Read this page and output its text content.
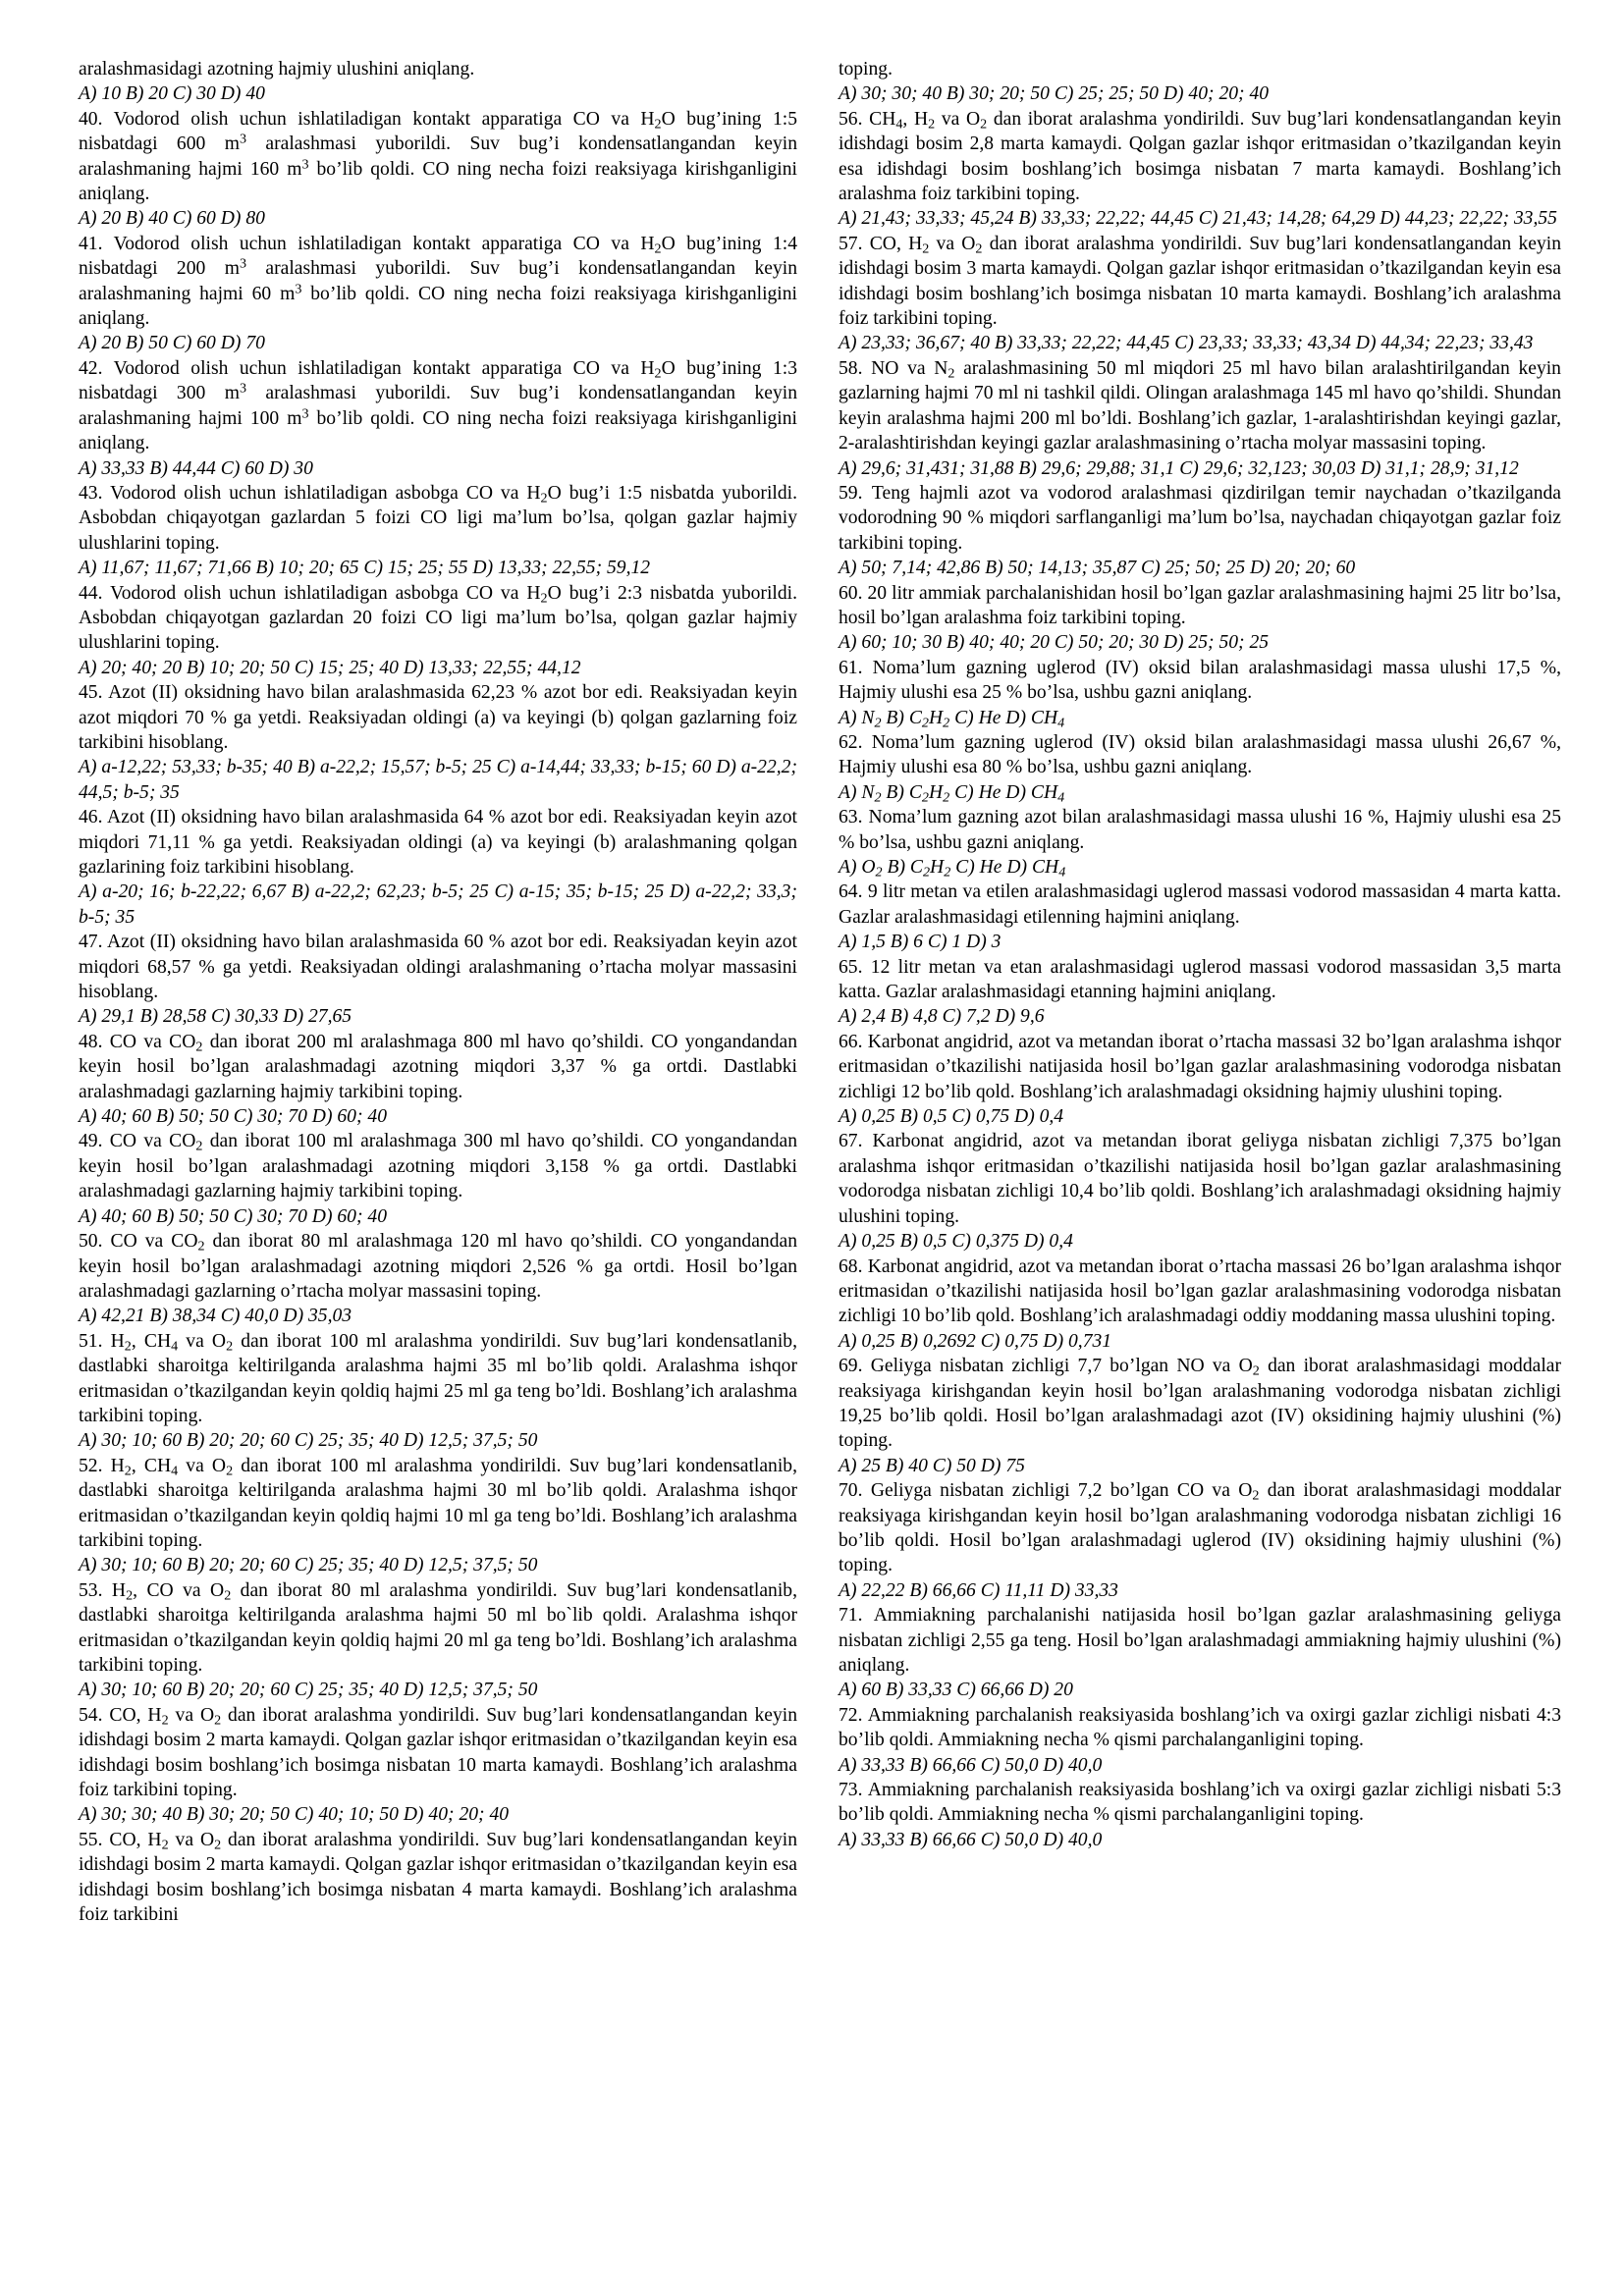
aralashmasidagi azotning hajmiy ulushini aniqlang.

A) 10 B) 20 C) 30 D) 40

40. Vodorod olish uchun ishlatiladigan kontakt apparatiga CO va $H_2O$ bug’ining 1:5 nisbatdagi 600 $m^3$ aralashmasi yuborildi. Suv bug’i kondensatlangandan keyin aralashmaning hajmi 160 $m^3$ bo’lib qoldi. CO ning necha foizi reaksiyaga kirishganligini aniqlang.

A) 20 B) 40 C) 60 D) 80

41. Vodorod olish uchun ishlatiladigan kontakt apparatiga CO va $H_2O$ bug’ining 1:4 nisbatdagi 200 $m^3$ aralashmasi yuborildi. Suv bug’i kondensatlangandan keyin aralashmaning hajmi 60 $m^3$ bo’lib qoldi. CO ning necha foizi reaksiyaga kirishganligini aniqlang.

A) 20 B) 50 C) 60 D) 70

42. Vodorod olish uchun ishlatiladigan kontakt apparatiga CO va $H_2O$ bug’ining 1:3 nisbatdagi 300 $m^3$ aralashmasi yuborildi. Suv bug’i kondensatlangandan keyin aralashmaning hajmi 100 $m^3$ bo’lib qoldi. CO ning necha foizi reaksiyaga kirishganligini aniqlang.

A) 33,33 B) 44,44 C) 60 D) 30

43. Vodorod olish uchun ishlatiladigan asbobga CO va $H_2O$ bug’i 1:5 nisbatda yuborildi. Asbobdan chiqayotgan gazlardan 5 foizi CO ligi ma’lum bo’lsa, qolgan gazlar hajmiy ulushlarini toping.

A) 11,67; 11,67; 71,66 B) 10; 20; 65 C) 15; 25; 55 D) 13,33; 22,55; 59,12

44. Vodorod olish uchun ishlatiladigan asbobga CO va $H_2O$ bug’i 2:3 nisbatda yuborildi. Asbobdan chiqayotgan gazlardan 20 foizi CO ligi ma’lum bo’lsa, qolgan gazlar hajmiy ulushlarini toping.

A) 20; 40; 20 B) 10; 20; 50 C) 15; 25; 40 D) 13,33; 22,55; 44,12

45. Azot (II) oksidning havo bilan aralashmasida 62,23 % azot bor edi. Reaksiyadan keyin azot miqdori 70 % ga yetdi. Reaksiyadan oldingi (a) va keyingi (b) qolgan gazlarning foiz tarkibini hisoblang.

A) a-12,22; 53,33; b-35; 40 B) a-22,2; 15,57; b-5; 25 C) a-14,44; 33,33; b-15; 60 D) a-22,2; 44,5; b-5; 35

46. Azot (II) oksidning havo bilan aralashmasida 64 % azot bor edi. Reaksiyadan keyin azot miqdori 71,11 % ga yetdi. Reaksiyadan oldingi (a) va keyingi (b) aralashmaning qolgan gazlarining foiz tarkibini hisoblang.

A) a-20; 16; b-22,22; 6,67 B) a-22,2; 62,23; b-5; 25 C) a-15; 35; b-15; 25 D) a-22,2; 33,3; b-5; 35

47. Azot (II) oksidning havo bilan aralashmasida 60 % azot bor edi. Reaksiyadan keyin azot miqdori 68,57 % ga yetdi. Reaksiyadan oldingi aralashmaning o’rtacha molyar massasini hisoblang.

A) 29,1 B) 28,58 C) 30,33 D) 27,65

48. CO va $CO_2$ dan iborat 200 ml aralashmaga 800 ml havo qo’shildi. CO yongandandan keyin hosil bo’lgan aralashmadagi azotning miqdori 3,37 % ga ortdi. Dastlabki aralashmadagi gazlarning hajmiy tarkibini toping.

A) 40; 60 B) 50; 50 C) 30; 70 D) 60; 40

49. CO va $CO_2$ dan iborat 100 ml aralashmaga 300 ml havo qo’shildi. CO yongandandan keyin hosil bo’lgan aralashmadagi azotning miqdori 3,158 % ga ortdi. Dastlabki aralashmadagi gazlarning hajmiy tarkibini toping.

A) 40; 60 B) 50; 50 C) 30; 70 D) 60; 40

50. CO va $CO_2$ dan iborat 80 ml aralashmaga 120 ml havo qo’shildi. CO yongandandan keyin hosil bo’lgan aralashmadagi azotning miqdori 2,526 % ga ortdi. Hosil bo’lgan aralashmadagi gazlarning o’rtacha molyar massasini toping.

A) 42,21 B) 38,34 C) 40,0 D) 35,03

51. $H_2$, $CH_4$ va $O_2$ dan iborat 100 ml aralashma yondirildi. Suv bug’lari kondensatlanib, dastlabki sharoitga keltirilganda aralashma hajmi 35 ml bo’lib qoldi. Aralashma ishqor eritmasidan o’tkazilgandan keyin qoldiq hajmi 25 ml ga teng bo’ldi. Boshlang’ich aralashma tarkibini toping.

A) 30; 10; 60 B) 20; 20; 60 C) 25; 35; 40 D) 12,5; 37,5; 50

52. $H_2$, $CH_4$ va $O_2$ dan iborat 100 ml aralashma yondirildi. Suv bug’lari kondensatlanib, dastlabki sharoitga keltirilganda aralashma hajmi 30 ml bo’lib qoldi. Aralashma ishqor eritmasidan o’tkazilgandan keyin qoldiq hajmi 10 ml ga teng bo’ldi. Boshlang’ich aralashma tarkibini toping.

A) 30; 10; 60 B) 20; 20; 60 C) 25; 35; 40 D) 12,5; 37,5; 50

53. $H_2$, CO va $O_2$ dan iborat 80 ml aralashma yondirildi. Suv bug’lari kondensatlanib, dastlabki sharoitga keltirilganda aralashma hajmi 50 ml bo`lib qoldi. Aralashma ishqor eritmasidan o’tkazilgandan keyin qoldiq hajmi 20 ml ga teng bo’ldi. Boshlang’ich aralashma tarkibini toping.

A) 30; 10; 60 B) 20; 20; 60 C) 25; 35; 40 D) 12,5; 37,5; 50

54. CO, $H_2$ va $O_2$ dan iborat aralashma yondirildi. Suv bug’lari kondensatlangandan keyin idishdagi bosim 2 marta kamaydi. Qolgan gazlar ishqor eritmasidan o’tkazilgandan keyin esa idishdagi bosim boshlang’ich bosimga nisbatan 10 marta kamaydi. Boshlang’ich aralashma foiz tarkibini toping.

A) 30; 30; 40 B) 30; 20; 50 C) 40; 10; 50 D) 40; 20; 40

55. CO, $H_2$ va $O_2$ dan iborat aralashma yondirildi. Suv bug’lari kondensatlangandan keyin idishdagi bosim 2 marta kamaydi. Qolgan gazlar ishqor eritmasidan o’tkazilgandan keyin esa idishdagi bosim boshlang’ich bosimga nisbatan 4 marta kamaydi. Boshlang’ich aralashma foiz tarkibini

toping.

A) 30; 30; 40 B) 30; 20; 50 C) 25; 25; 50 D) 40; 20; 40

56. $CH_4$, $H_2$ va $O_2$ dan iborat aralashma yondirildi. Suv bug’lari kondensatlangandan keyin idishdagi bosim 2,8 marta kamaydi. Qolgan gazlar ishqor eritmasidan o’tkazilgandan keyin esa idishdagi bosim boshlang’ich bosimga nisbatan 7 marta kamaydi. Boshlang’ich aralashma foiz tarkibini toping.

A) 21,43; 33,33; 45,24 B) 33,33; 22,22; 44,45 C) 21,43; 14,28; 64,29 D) 44,23; 22,22; 33,55

57. CO, $H_2$ va $O_2$ dan iborat aralashma yondirildi. Suv bug’lari kondensatlangandan keyin idishdagi bosim 3 marta kamaydi. Qolgan gazlar ishqor eritmasidan o’tkazilgandan keyin esa idishdagi bosim boshlang’ich bosimga nisbatan 10 marta kamaydi. Boshlang’ich aralashma foiz tarkibini toping.

A) 23,33; 36,67; 40 B) 33,33; 22,22; 44,45 C) 23,33; 33,33; 43,34 D) 44,34; 22,23; 33,43

58. NO va $N_2$ aralashmasining 50 ml miqdori 25 ml havo bilan aralashtirilgandan keyin gazlarning hajmi 70 ml ni tashkil qildi. Olingan aralashmaga 145 ml havo qo’shildi. Shundan keyin aralashma hajmi 200 ml bo’ldi. Boshlang’ich gazlar, 1-aralashtirishdan keyingi gazlar, 2-aralashtirishdan keyingi gazlar aralashmasining o’rtacha molyar massasini toping.

A) 29,6; 31,431; 31,88 B) 29,6; 29,88; 31,1 C) 29,6; 32,123; 30,03 D) 31,1; 28,9; 31,12

59. Teng hajmli azot va vodorod aralashmasi qizdirilgan temir naychadan o’tkazilganda vodorodning 90 % miqdori sarflanganligi ma’lum bo’lsa, naychadan chiqayotgan gazlar foiz tarkibini toping.

A) 50; 7,14; 42,86 B) 50; 14,13; 35,87 C) 25; 50; 25 D) 20; 20; 60

60. 20 litr ammiak parchalanishidan hosil bo’lgan gazlar aralashmasining hajmi 25 litr bo’lsa, hosil bo’lgan aralashma foiz tarkibini toping.

A) 60; 10; 30 B) 40; 40; 20 C) 50; 20; 30 D) 25; 50; 25

61. Noma’lum gazning uglerod (IV) oksid bilan aralashmasidagi massa ulushi 17,5 %, Hajmiy ulushi esa 25 % bo’lsa, ushbu gazni aniqlang.

A) $N_2$ B) $C_2H_2$ C) He D) $CH_4$

62. Noma’lum gazning uglerod (IV) oksid bilan aralashmasidagi massa ulushi 26,67 %, Hajmiy ulushi esa 80 % bo’lsa, ushbu gazni aniqlang.

A) $N_2$ B) $C_2H_2$ C) He D) $CH_4$

63. Noma’lum gazning azot bilan aralashmasidagi massa ulushi 16 %, Hajmiy ulushi esa 25 % bo’lsa, ushbu gazni aniqlang.

A) $O_2$ B) $C_2H_2$ C) He D) $CH_4$

64. 9 litr metan va etilen aralashmasidagi uglerod massasi vodorod massasidan 4 marta katta. Gazlar aralashmasidagi etilenning hajmini aniqlang.

A) 1,5 B) 6 C) 1 D) 3

65. 12 litr metan va etan aralashmasidagi uglerod massasi vodorod massasidan 3,5 marta katta. Gazlar aralashmasidagi etanning hajmini aniqlang.

A) 2,4 B) 4,8 C) 7,2 D) 9,6

66. Karbonat angidrid, azot va metandan iborat o’rtacha massasi 32 bo’lgan aralashma ishqor eritmasidan o’tkazilishi natijasida hosil bo’lgan gazlar aralashmasining vodorodga nisbatan zichligi 12 bo’lib qold. Boshlang’ich aralashmadagi oksidning hajmiy ulushini toping.

A) 0,25 B) 0,5 C) 0,75 D) 0,4

67. Karbonat angidrid, azot va metandan iborat geliyga nisbatan zichligi 7,375 bo’lgan aralashma ishqor eritmasidan o’tkazilishi natijasida hosil bo’lgan gazlar aralashmasining vodorodga nisbatan zichligi 10,4 bo’lib qoldi. Boshlang’ich aralashmadagi oksidning hajmiy ulushini toping.

A) 0,25 B) 0,5 C) 0,375 D) 0,4

68. Karbonat angidrid, azot va metandan iborat o’rtacha massasi 26 bo’lgan aralashma ishqor eritmasidan o’tkazilishi natijasida hosil bo’lgan gazlar aralashmasining vodorodga nisbatan zichligi 10 bo’lib qold. Boshlang’ich aralashmadagi oddiy moddaning massa ulushini toping.

A) 0,25 B) 0,2692 C) 0,75 D) 0,731

69. Geliyga nisbatan zichligi 7,7 bo’lgan NO va $O_2$ dan iborat aralashmasidagi moddalar reaksiyaga kirishgandan keyin hosil bo’lgan aralashmaning vodorodga nisbatan zichligi 19,25 bo’lib qoldi. Hosil bo’lgan aralashmadagi azot (IV) oksidining hajmiy ulushini (%) toping.

A) 25 B) 40 C) 50 D) 75

70. Geliyga nisbatan zichligi 7,2 bo’lgan CO va $O_2$ dan iborat aralashmasidagi moddalar reaksiyaga kirishgandan keyin hosil bo’lgan aralashmaning vodorodga nisbatan zichligi 16 bo’lib qoldi. Hosil bo’lgan aralashmadagi uglerod (IV) oksidining hajmiy ulushini (%) toping.

A) 22,22 B) 66,66 C) 11,11 D) 33,33

71. Ammiakning parchalanishi natijasida hosil bo’lgan gazlar aralashmasining geliyga nisbatan zichligi 2,55 ga teng. Hosil bo’lgan aralashmadagi ammiakning hajmiy ulushini (%) aniqlang.

A) 60 B) 33,33 C) 66,66 D) 20

72. Ammiakning parchalanish reaksiyasida boshlang’ich va oxirgi gazlar zichligi nisbati 4:3 bo’lib qoldi. Ammiakning necha % qismi parchalanganligini toping.

A) 33,33 B) 66,66 C) 50,0 D) 40,0

73. Ammiakning parchalanish reaksiyasida boshlang’ich va oxirgi gazlar zichligi nisbati 5:3 bo’lib qoldi. Ammiakning necha % qismi parchalanganligini toping.

A) 33,33 B) 66,66 C) 50,0 D) 40,0
